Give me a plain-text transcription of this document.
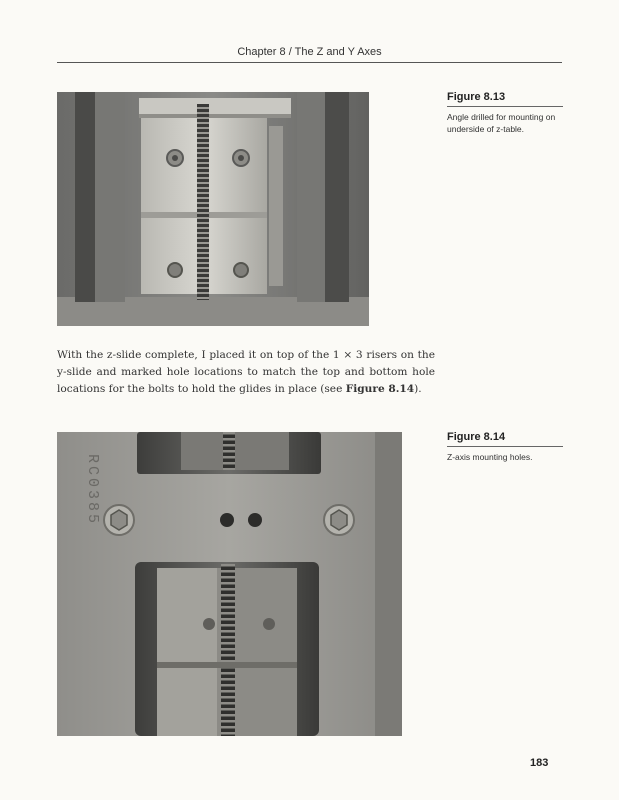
Chapter 8 / The Z and Y Axes
Figure 8.13
Angle drilled for mounting on underside of z-table.
With the z-slide complete, I placed it on top of the 1 × 3 risers on the y-slide and marked hole locations to match the top and bottom hole locations for the bolts to hold the glides in place (see Figure 8.14).
RC0385
Figure 8.14
Z-axis mounting holes.
183
